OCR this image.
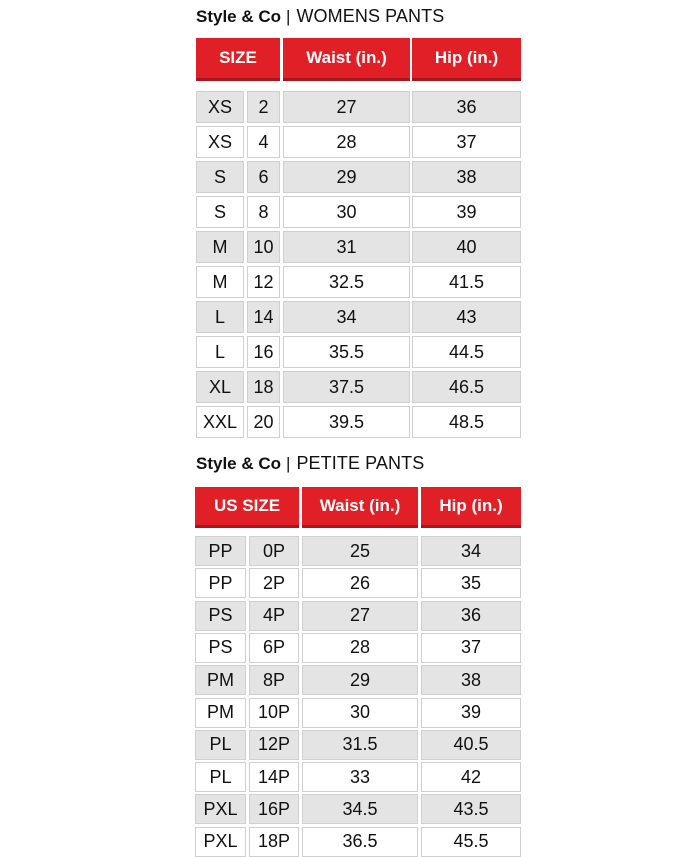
Style & Co | WOMENS PANTS
SIZE	Waist (in.)	Hip (in.)
XS	2	27	36
XS	4	28	37
S	6	29	38
S	8	30	39
M	10	31	40
M	12	32.5	41.5
L	14	34	43
L	16	35.5	44.5
XL	18	37.5	46.5
XXL 20	39.5	48.5
Style & Co | PETITE PANTS
US SIZE	Waist (in.)	Hip (in.)
PP	0P	25	34
PP	2P	26	35
PS	4P	27	36
PS	6P	28	37
PM	8P	29	38
PM	10P	30	39
PL	12P	31.5	40.5
PL	14P	33	42
PXL	16P	34.5	43.5
PXL	18P	36.5	45.5
